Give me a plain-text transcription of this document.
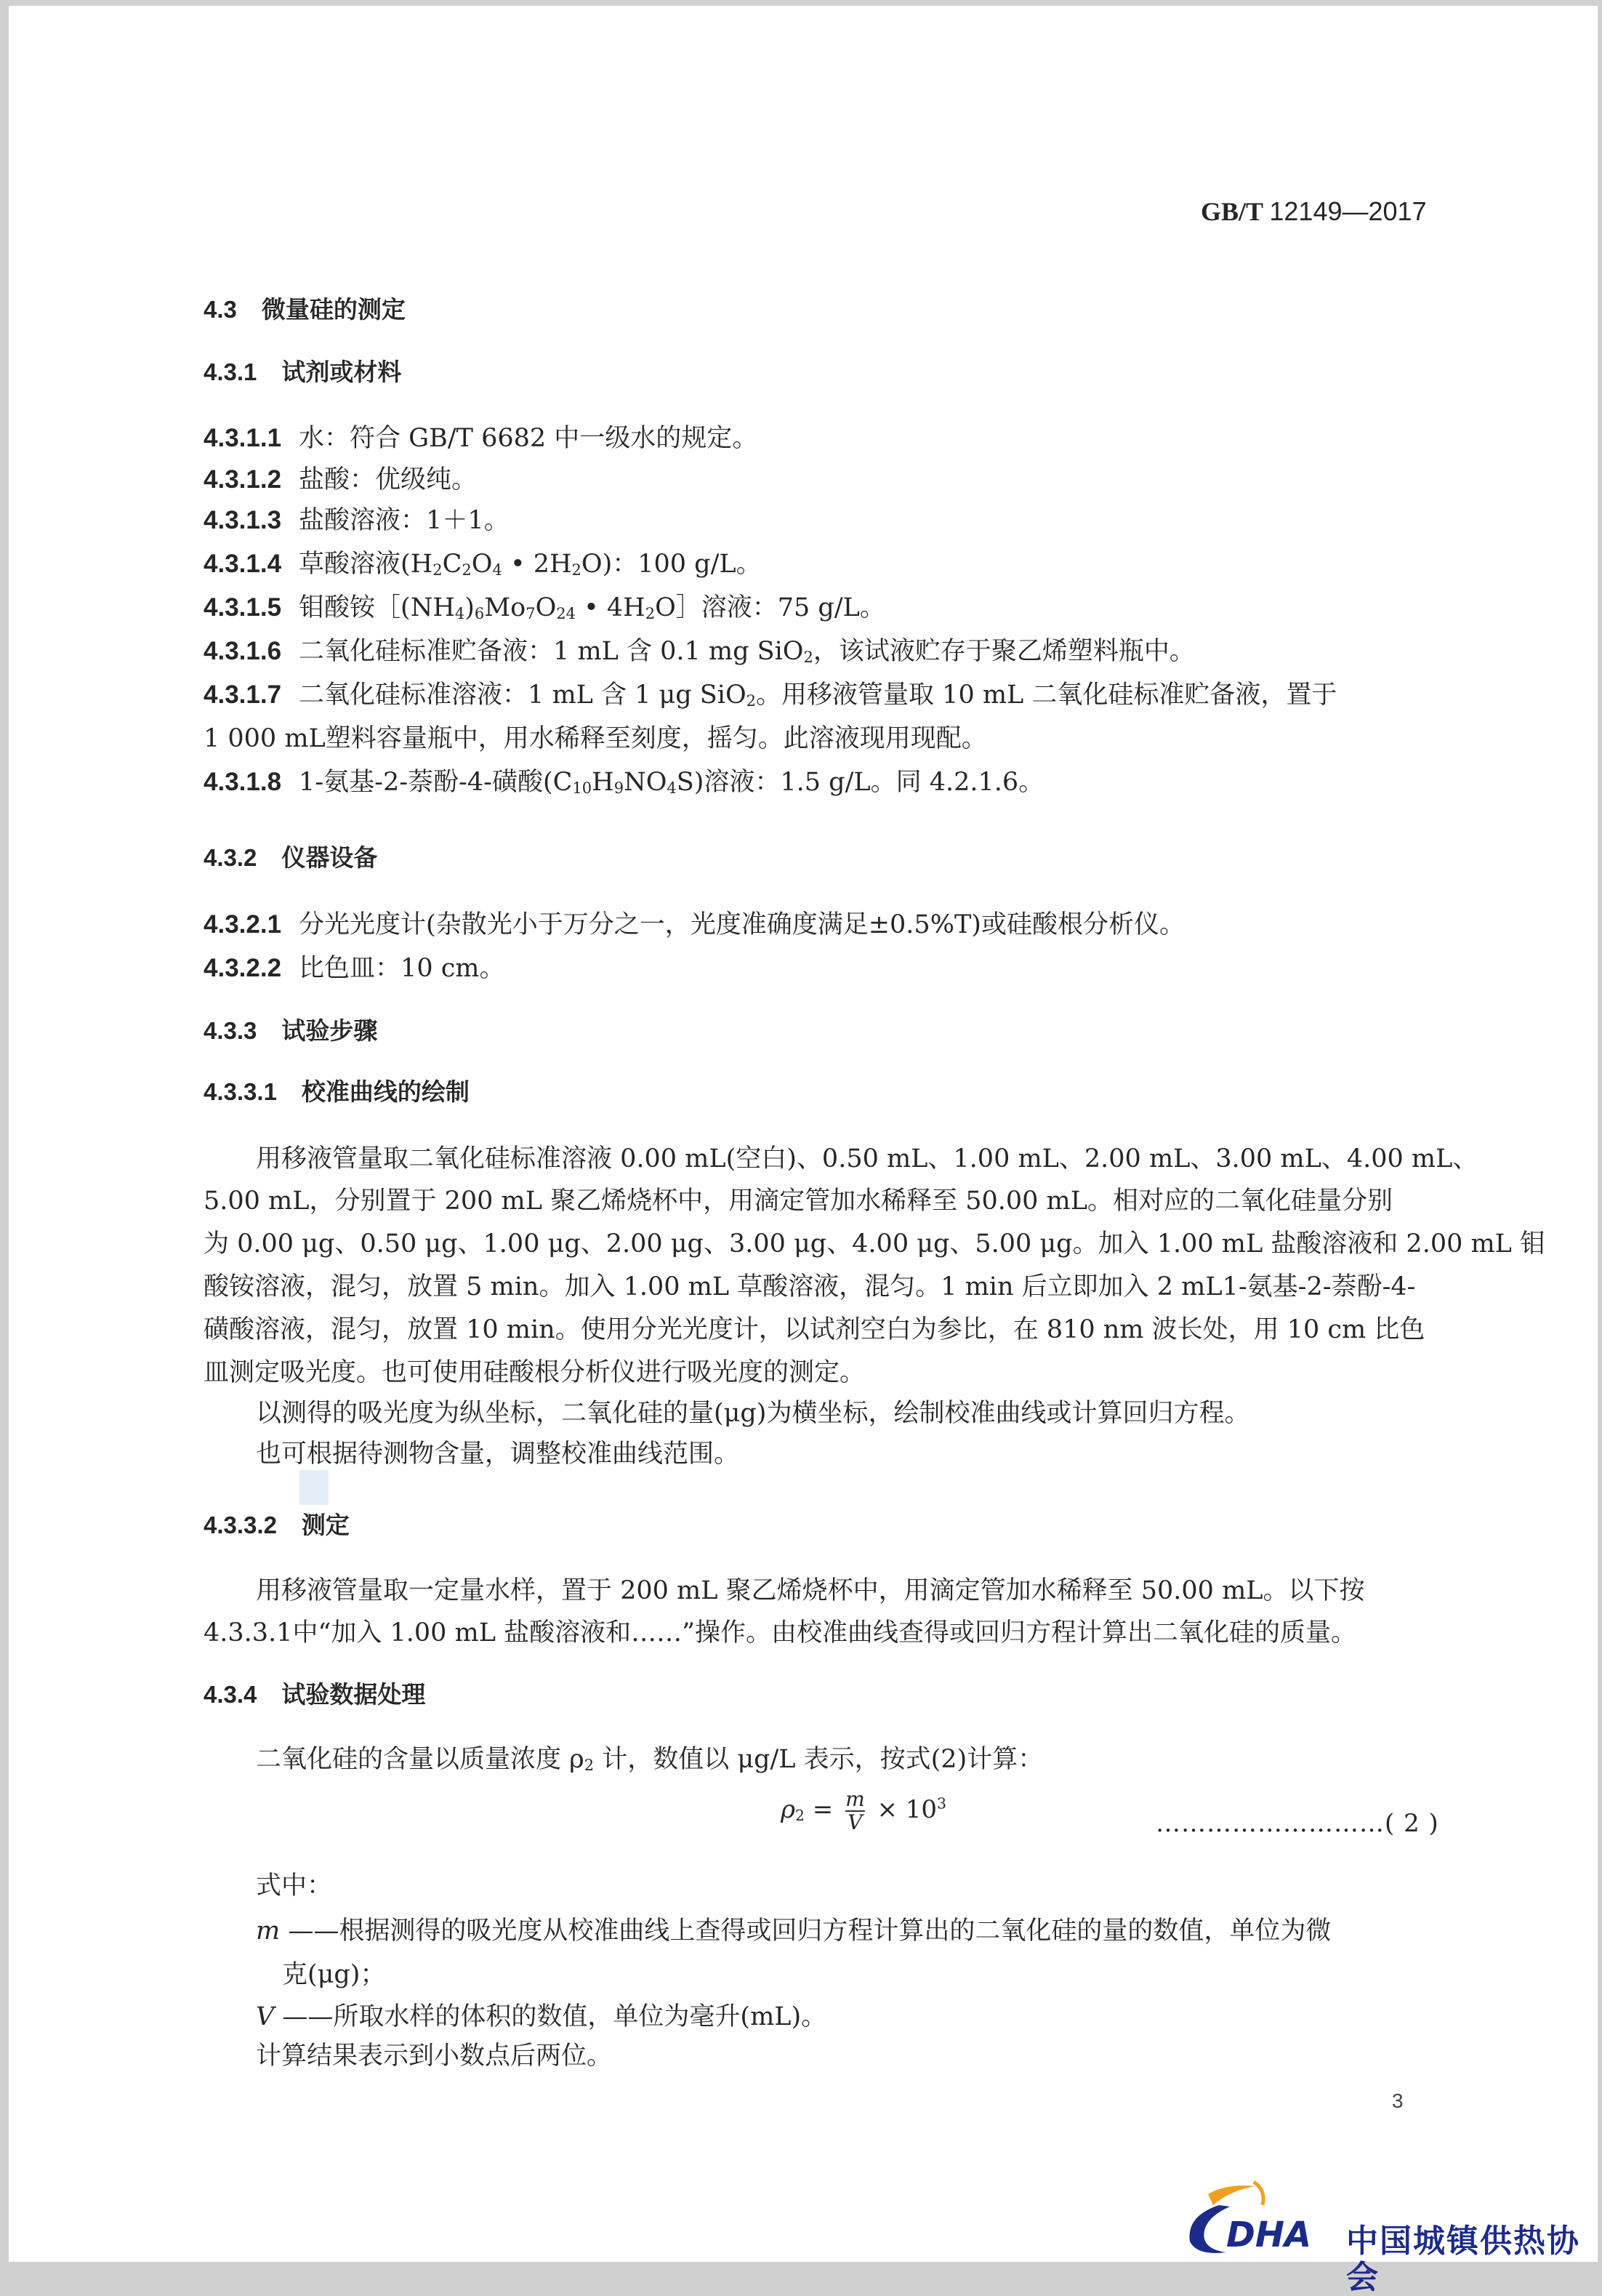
GB/T 12149—2017
4.3 微量硅的测定
4.3.1 试剂或材料
4.3.1.1 水：符合 GB/T 6682 中一级水的规定。
4.3.1.2 盐酸：优级纯。
4.3.1.3 盐酸溶液：1＋1。
4.3.1.4 草酸溶液($H_2C_2O_4$ • $2H_2O$)：100 g/L。
4.3.1.5 钼酸铵$[(NH_4)_6Mo_7O_{24}$ • $4H_2O]$溶液：75 g/L。
4.3.1.6 二氧化硅标准贮备液：1 mL 含 0.1 mg SiO$_2$，该试液贮存于聚乙烯塑料瓶中。
4.3.1.7 二氧化硅标准溶液：1 mL 含 1 μg SiO$_2$。用移液管量取 10 mL 二氧化硅标准贮备液，置于
1 000 mL塑料容量瓶中，用水稀释至刻度，摇匀。此溶液现用现配。
4.3.1.8 1-氨基-2-萘酚-4-磺酸$(C_{10}H_9NO_4S)$溶液：1.5 g/L。同 4.2.1.6。
4.3.2 仪器设备
4.3.2.1 分光光度计(杂散光小于万分之一，光度准确度满足±0.5%T)或硅酸根分析仪。
4.3.2.2 比色皿：10 cm。
4.3.3 试验步骤
4.3.3.1 校准曲线的绘制
用移液管量取二氧化硅标准溶液 0.00 mL(空白)、0.50 mL、1.00 mL、2.00 mL、3.00 mL、4.00 mL、
5.00 mL，分别置于 200 mL 聚乙烯烧杯中，用滴定管加水稀释至 50.00 mL。相对应的二氧化硅量分别
为 0.00 μg、0.50 μg、1.00 μg、2.00 μg、3.00 μg、4.00 μg、5.00 μg。加入 1.00 mL 盐酸溶液和 2.00 mL 钼
酸铵溶液，混匀，放置 5 min。加入 1.00 mL 草酸溶液，混匀。1 min 后立即加入 2 mL1-氨基-2-萘酚-4-
磺酸溶液，混匀，放置 10 min。使用分光光度计，以试剂空白为参比，在 810 nm 波长处，用 10 cm 比色
皿测定吸光度。也可使用硅酸根分析仪进行吸光度的测定。
以测得的吸光度为纵坐标，二氧化硅的量(μg)为横坐标，绘制校准曲线或计算回归方程。
也可根据待测物含量，调整校准曲线范围。
4.3.3.2 测定
用移液管量取一定量水样，置于 200 mL 聚乙烯烧杯中，用滴定管加水稀释至 50.00 mL。以下按
4.3.3.1中“加入 1.00 mL 盐酸溶液和……”操作。由校准曲线查得或回归方程计算出二氧化硅的质量。
4.3.4 试验数据处理
二氧化硅的含量以质量浓度 $\rho_2$ 计，数值以 μg/L 表示，按式(2)计算：
$\rho_2 = \frac{m}{V} \times 10^3$
………………………( 2 )
式中：
m ——根据测得的吸光度从校准曲线上查得或回归方程计算出的二氧化硅的量的数值，单位为微
克(μg)；
V ——所取水样的体积的数值，单位为毫升(mL)。
计算结果表示到小数点后两位。
3
DHA 中国城镇供热协会
